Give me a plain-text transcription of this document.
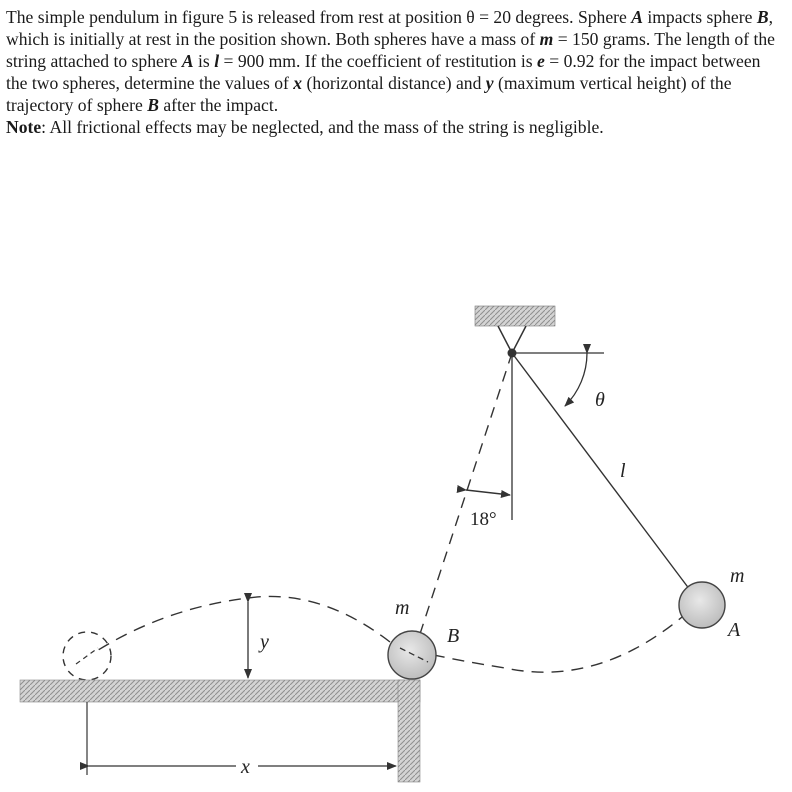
The simple pendulum in figure 5 is released from rest at position θ = 20 degrees. Sphere A impacts sphere B, which is initially at rest in the position shown. Both spheres have a mass of m = 150 grams. The length of the string attached to sphere A is l = 900 mm. If the coefficient of restitution is e = 0.92 for the impact between the two spheres, determine the values of x (horizontal distance) and y (maximum vertical height) of the trajectory of sphere B after the impact.

Note: All frictional effects may be neglected, and the mass of the string is negligible.

θ
l
18°
m
A
m
B
y
x
